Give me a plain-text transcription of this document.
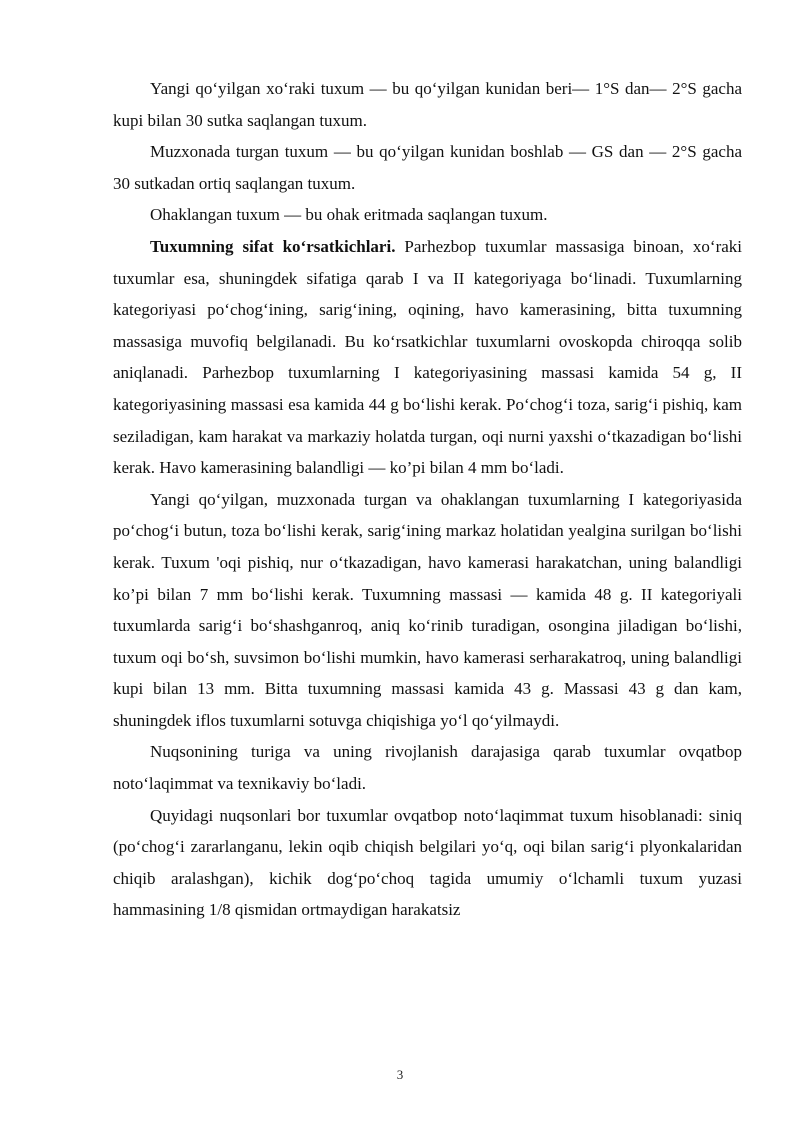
Yangi qo‘yilgan xo‘raki tuxum — bu qo‘yilgan kunidan beri— 1°S dan— 2°S gacha kupi bilan 30 sutka saqlangan tuxum.

Muzxonada turgan tuxum — bu qo‘yilgan kunidan boshlab — GS dan — 2°S gacha 30 sutkadan ortiq saqlangan tuxum.

Ohaklangan tuxum — bu ohak eritmada saqlangan tuxum.

Tuxumning sifat ko‘rsatkichlari. Parhezbop tuxumlar massasiga binoan, xo‘raki tuxumlar esa, shuningdek sifatiga qarab I va II kategoriyaga bo‘linadi. Tuxumlarning kategoriyasi po‘chog‘ining, sarig‘ining, oqining, havo kamerasining, bitta tuxumning massasiga muvofiq belgilanadi. Bu ko‘rsatkichlar tuxumlarni ovoskopda chiroqqa solib aniqlanadi. Parhezbop tuxumlarning I kategoriyasining massasi kamida 54 g, II kategoriyasining massasi esa kamida 44 g bo‘lishi kerak. Po‘chog‘i toza, sarig‘i pishiq, kam seziladigan, kam harakat va markaziy holatda turgan, oqi nurni yaxshi o‘tkazadigan bo‘lishi kerak. Havo kamerasining balandligi — ko’pi bilan 4 mm bo‘ladi.

Yangi qo‘yilgan, muzxonada turgan va ohaklangan tuxumlarning I kategoriyasida po‘chog‘i butun, toza bo‘lishi kerak, sarig‘ining markaz holatidan yealgina surilgan bo‘lishi kerak. Tuxum 'oqi pishiq, nur o‘tkazadigan, havo kamerasi harakatchan, uning balandligi ko’pi bilan 7 mm bo‘lishi kerak. Tuxumning massasi — kamida 48 g. II kategoriyali tuxumlarda sarig‘i bo‘shashganroq, aniq ko‘rinib turadigan, osongina jiladigan bo‘lishi, tuxum oqi bo‘sh, suvsimon bo‘lishi mumkin, havo kamerasi serharakatroq, uning balandligi kupi bilan 13 mm. Bitta tuxumning massasi kamida 43 g. Massasi 43 g dan kam, shuningdek iflos tuxumlarni sotuvga chiqishiga yo‘l qo‘yilmaydi.

Nuqsonining turiga va uning rivojlanish darajasiga qarab tuxumlar ovqatbop noto‘laqimmat va texnikaviy bo‘ladi.

Quyidagi nuqsonlari bor tuxumlar ovqatbop noto‘laqimmat tuxum hisoblanadi: siniq (po‘chog‘i zararlanganu, lekin oqib chiqish belgilari yo‘q, oqi bilan sarig‘i plyonkalaridan chiqib aralashgan), kichik dog‘po‘choq tagida umumiy o‘lchamli tuxum yuzasi hammasining 1/8 qismidan ortmaydigan harakatsiz

3
